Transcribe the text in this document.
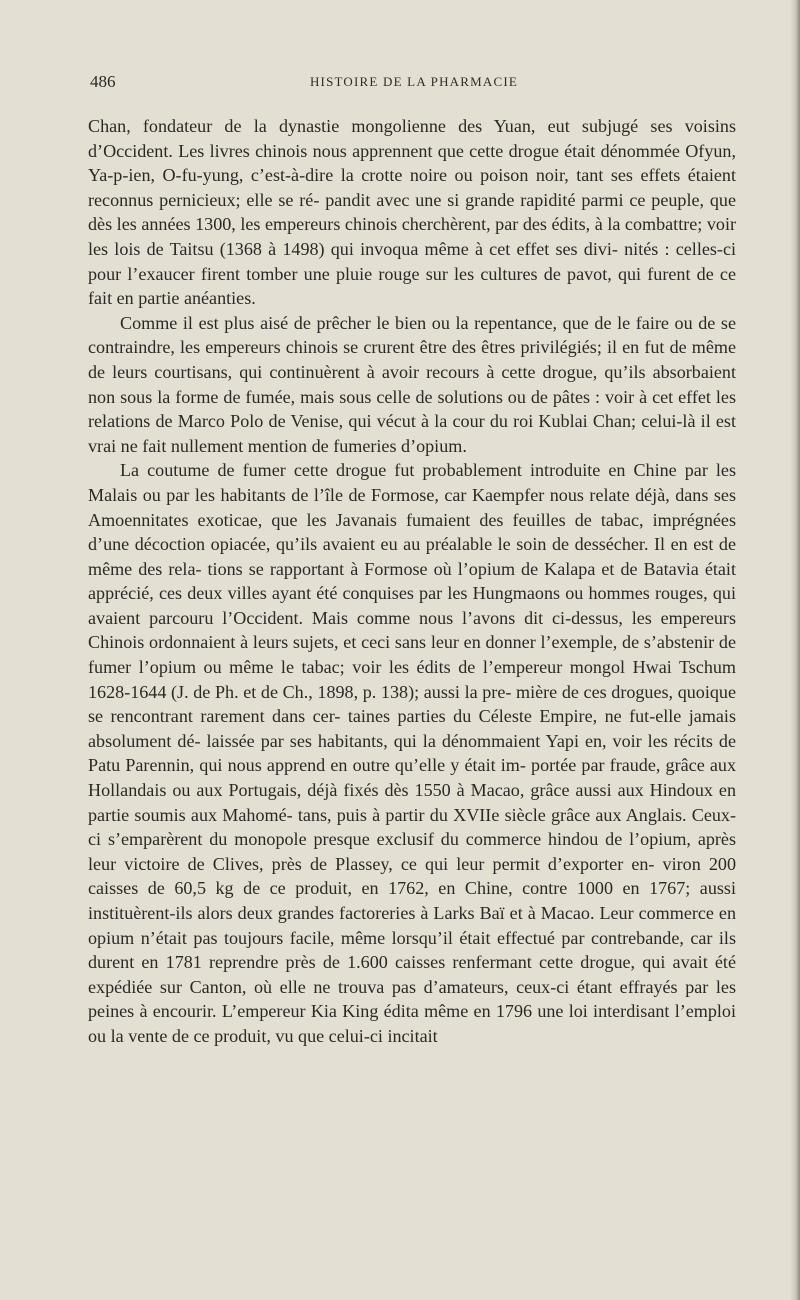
486	HISTOIRE DE LA PHARMACIE

Chan, fondateur de la dynastie mongolienne des Yuan, eut subjugé ses voisins d’Occident. Les livres chinois nous apprennent que cette drogue était dénommée Ofyun, Ya-p-ien, O-fu-yung, c’est-à-dire la crotte noire ou poison noir, tant ses effets étaient reconnus pernicieux; elle se ré- pandit avec une si grande rapidité parmi ce peuple, que dès les années 1300, les empereurs chinois cherchèrent, par des édits, à la combattre; voir les lois de Taitsu (1368 à 1498) qui invoqua même à cet effet ses divi- nités : celles-ci pour l’exaucer firent tomber une pluie rouge sur les cultures de pavot, qui furent de ce fait en partie anéanties.

Comme il est plus aisé de prêcher le bien ou la repentance, que de le faire ou de se contraindre, les empereurs chinois se crurent être des êtres privilégiés; il en fut de même de leurs courtisans, qui continuèrent à avoir recours à cette drogue, qu’ils absorbaient non sous la forme de fumée, mais sous celle de solutions ou de pâtes : voir à cet effet les relations de Marco Polo de Venise, qui vécut à la cour du roi Kublai Chan; celui-là il est vrai ne fait nullement mention de fumeries d’opium.

La coutume de fumer cette drogue fut probablement introduite en Chine par les Malais ou par les habitants de l’île de Formose, car Kaempfer nous relate déjà, dans ses Amoennitates exoticae, que les Javanais fumaient des feuilles de tabac, imprégnées d’une décoction opiacée, qu’ils avaient eu au préalable le soin de dessécher. Il en est de même des rela- tions se rapportant à Formose où l’opium de Kalapa et de Batavia était apprécié, ces deux villes ayant été conquises par les Hungmaons ou hommes rouges, qui avaient parcouru l’Occident. Mais comme nous l’avons dit ci-dessus, les empereurs Chinois ordonnaient à leurs sujets, et ceci sans leur en donner l’exemple, de s’abstenir de fumer l’opium ou même le tabac; voir les édits de l’empereur mongol Hwai Tschum 1628-1644 (J. de Ph. et de Ch., 1898, p. 138); aussi la pre- mière de ces drogues, quoique se rencontrant rarement dans cer- taines parties du Céleste Empire, ne fut-elle jamais absolument dé- laissée par ses habitants, qui la dénommaient Yapi en, voir les récits de Patu Parennin, qui nous apprend en outre qu’elle y était im- portée par fraude, grâce aux Hollandais ou aux Portugais, déjà fixés dès 1550 à Macao, grâce aussi aux Hindoux en partie soumis aux Mahomé- tans, puis à partir du XVIIe siècle grâce aux Anglais. Ceux-ci s’emparèrent du monopole presque exclusif du commerce hindou de l’opium, après leur victoire de Clives, près de Plassey, ce qui leur permit d’exporter en- viron 200 caisses de 60,5 kg de ce produit, en 1762, en Chine, contre 1000 en 1767; aussi instituèrent-ils alors deux grandes factoreries à Larks Baï et à Macao. Leur commerce en opium n’était pas toujours facile, même lorsqu’il était effectué par contrebande, car ils durent en 1781 reprendre près de 1.600 caisses renfermant cette drogue, qui avait été expédiée sur Canton, où elle ne trouva pas d’amateurs, ceux-ci étant effrayés par les peines à encourir. L’empereur Kia King édita même en 1796 une loi interdisant l’emploi ou la vente de ce produit, vu que celui-ci incitait
